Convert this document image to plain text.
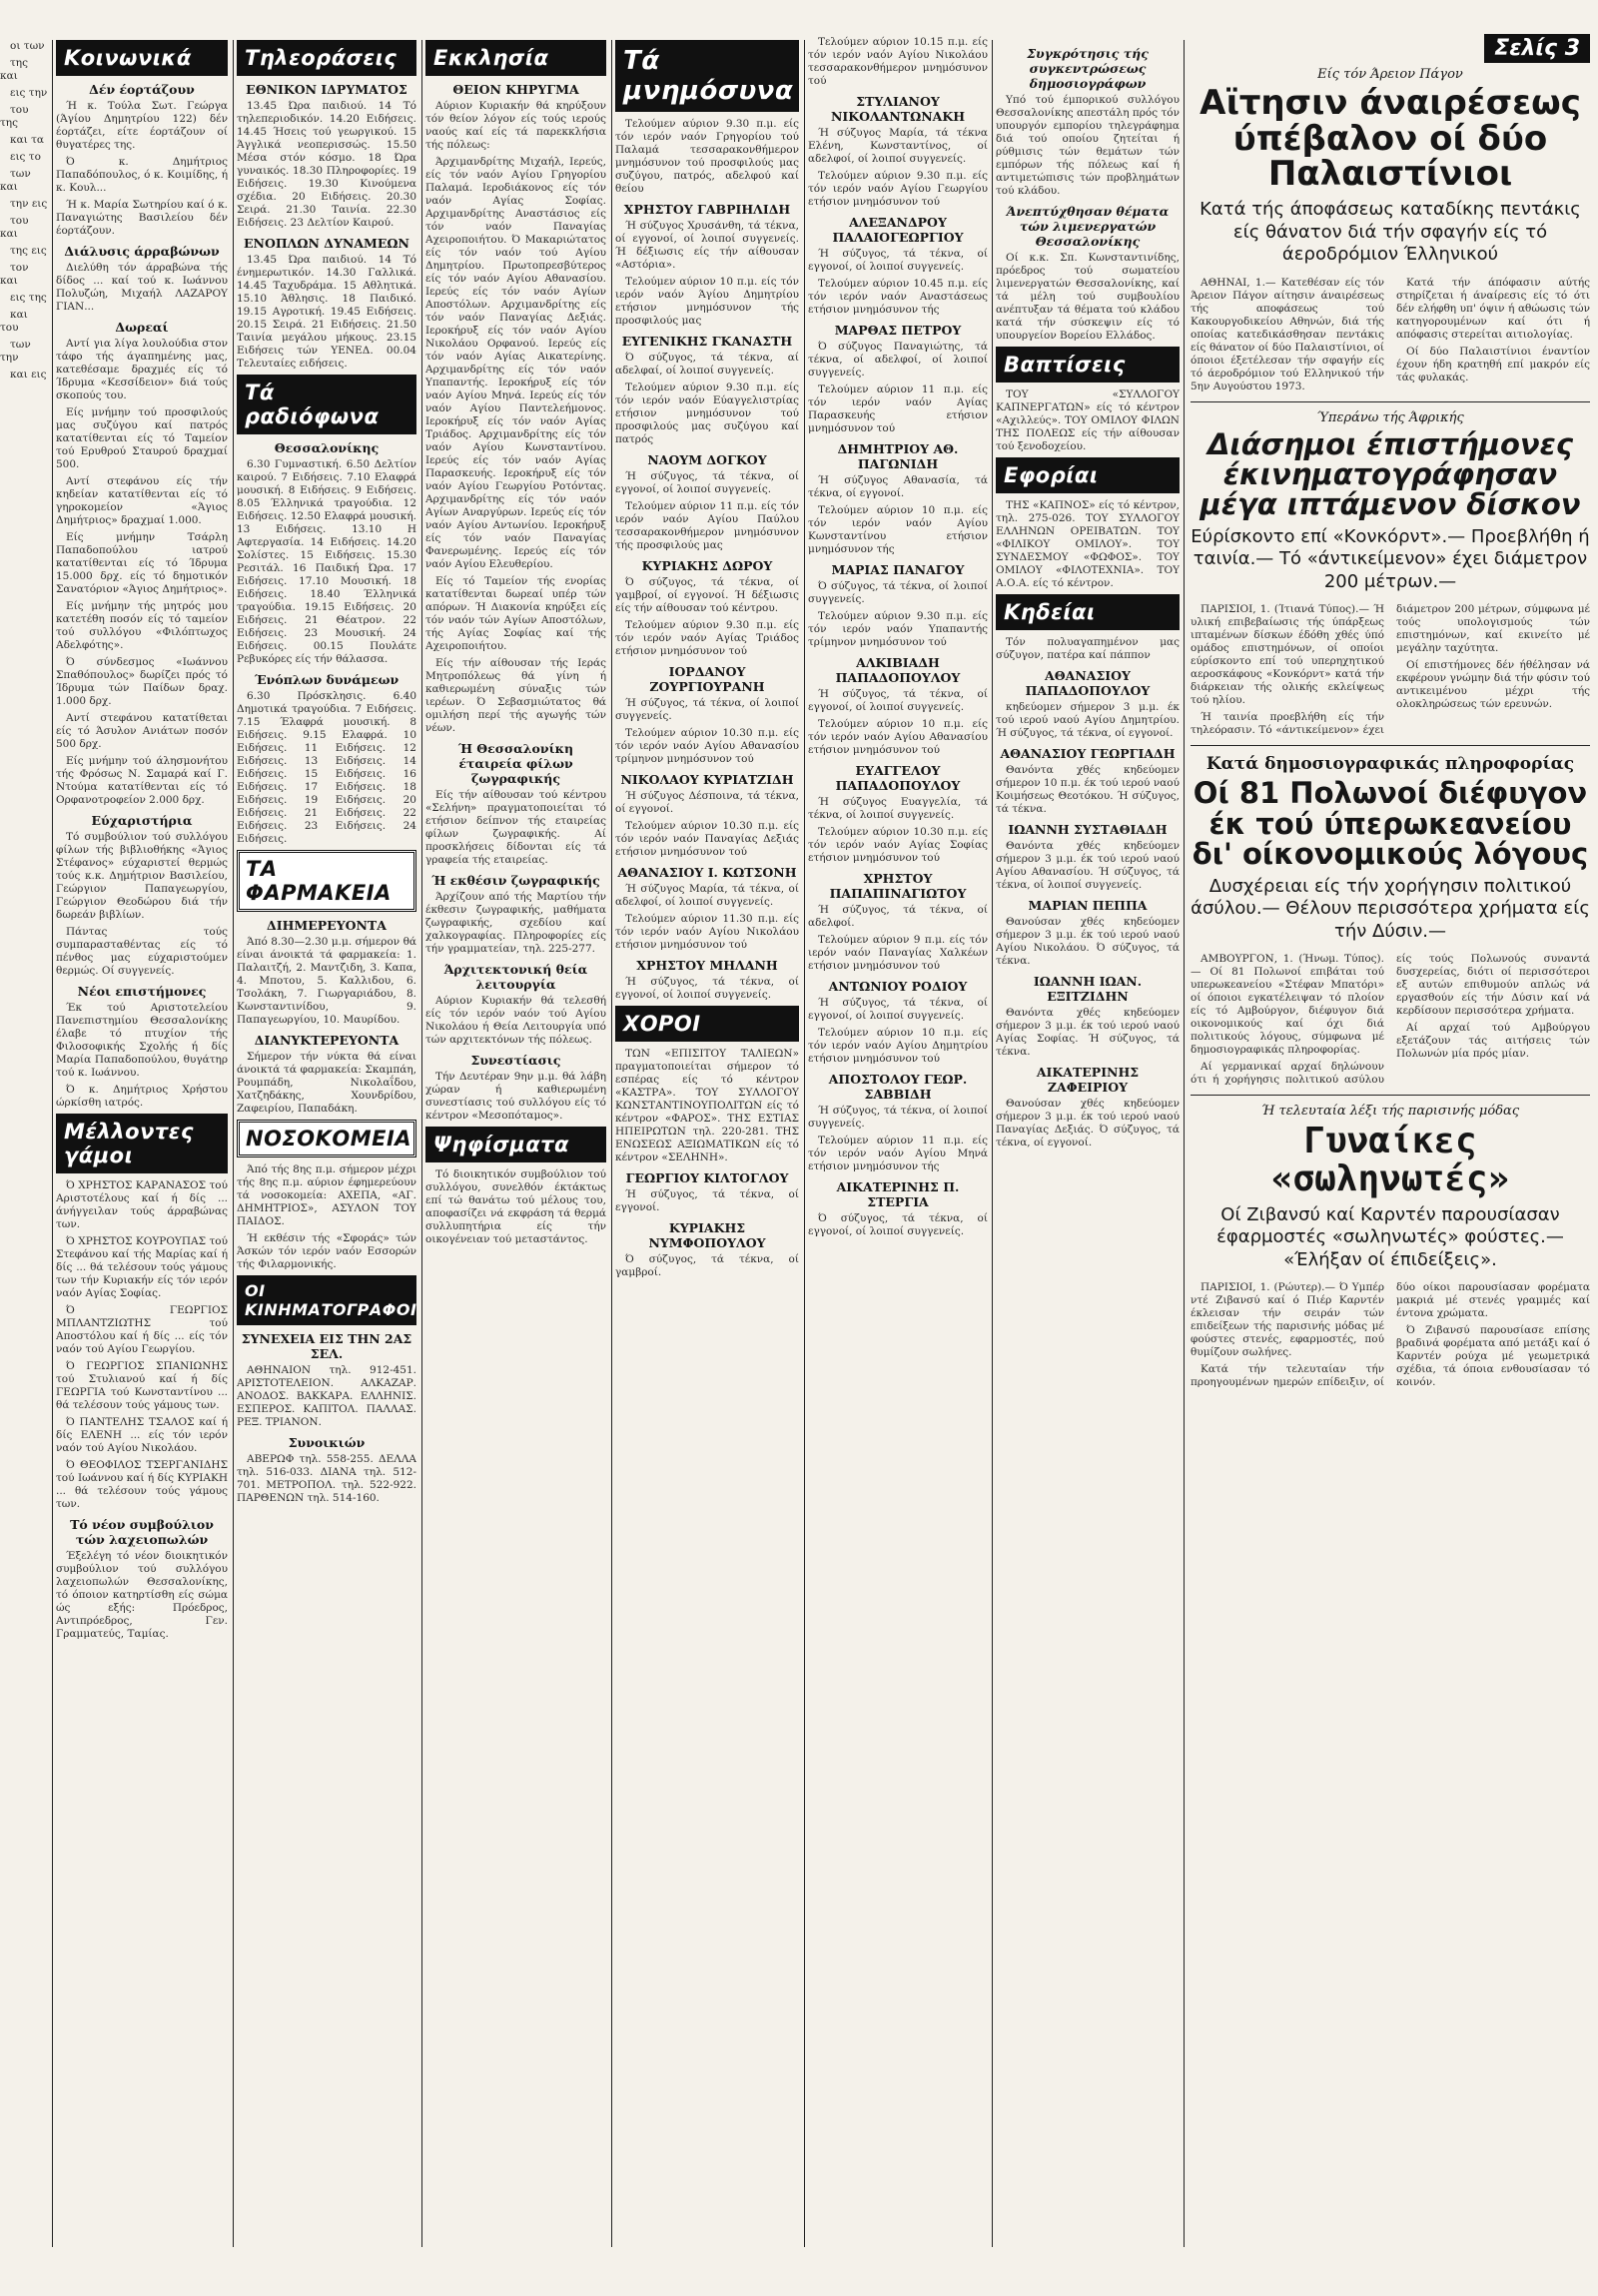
οι των

της και

εις την

του της

και τα

εις το

των και

την εις

του και

της εις

τον και

εις της

και του

των την

και εις

Κοινωνικά
Δέν έορτάζουν

Ή κ. Τούλα Σωτ. Γεώργα (Άγίου Δημητρίου 122) δέν έορτάζει, είτε έορτάζουν οί θυγατέρες της.

Ό κ. Δημήτριος Παπαδόπουλος, ό κ. Κοιμίδης, ή κ. Κουλ...

Ή κ. Μαρία Σωτηρίου καί ό κ. Παναγιώτης Βασιλείου δέν έορτάζουν.

Διάλυσις άρραβώνων

Διελύθη τόν άρραβώνα τής δίδος ... καί τού κ. Ιωάννου Πολυζώη, Μιχαήλ ΛΑΖΑΡΟΥ ΓΙΑΝ...

Δωρεαί

Αντί για λίγα λουλούδια στον τάφο τής άγαπημένης μας, κατεθέσαμε δραχμές είς τό Ίδρυμα «Κεσσίδειον» διά τούς σκοπούς του.

Είς μνήμην τού προσφιλούς μας συζύγου καί πατρός κατατίθενται είς τό Ταμείον τού Ερυθρού Σταυρού δραχμαί 500.

Αντί στεφάνου είς τήν κηδείαν κατατίθενται είς τό γηροκομείον «Άγιος Δημήτριος» δραχμαί 1.000.

Είς μνήμην Τσάρλη Παπαδοπούλου ιατρού κατατίθενται είς τό Ίδρυμα 15.000 δρχ. είς τό δημοτικόν Σανατόριον «Άγιος Δημήτριος».

Είς μνήμην τής μητρός μου κατετέθη ποσόν είς τό ταμείον τού συλλόγου «Φιλόπτωχος Αδελφότης».

Ό σύνδεσμος «Ιωάννου Σπαθόπουλος» δωρίζει πρός τό Ίδρυμα τών Παίδων δραχ. 1.000 δρχ.

Αντί στεφάνου κατατίθεται είς τό Άσυλον Ανιάτων ποσόν 500 δρχ.

Είς μνήμην τού άλησμονήτου τής Φρόσως Ν. Σαμαρά καί Γ. Ντούμα κατατίθενται είς τό Ορφανοτροφείον 2.000 δρχ.

Εύχαριστήρια

Τό συμβούλιον τού συλλόγου φίλων τής βιβλιοθήκης «Άγιος Στέφανος» εύχαριστεί θερμώς τούς κ.κ. Δημήτριον Βασιλείου, Γεώργιον Παπαγεωργίου, Γεώργιον Θεοδώρου διά τήν δωρεάν βιβλίων.

Πάντας τούς συμπαρασταθέντας είς τό πένθος μας εύχαριστούμεν θερμώς. Οί συγγενείς.

Νέοι επιστήμονες

Έκ τού Αριστοτελείου Πανεπιστημίου Θεσσαλονίκης έλαβε τό πτυχίον τής Φιλοσοφικής Σχολής ή δίς Μαρία Παπαδοπούλου, θυγάτηρ τού κ. Ιωάννου.

Ό κ. Δημήτριος Χρήστου ώρκίσθη ιατρός.

Μέλλοντες γάμοι

Ό ΧΡΗΣΤΟΣ ΚΑΡΑΝΑΣΟΣ τού Αριστοτέλους καί ή δίς ... άνήγγειλαν τούς άρραβώνας των.

Ό ΧΡΗΣΤΟΣ ΚΟΥΡΟΥΠΑΣ τού Στεφάνου καί τής Μαρίας καί ή δίς ... θά τελέσουν τούς γάμους των τήν Κυριακήν είς τόν ιερόν ναόν Αγίας Σοφίας.

Ό ΓΕΩΡΓΙΟΣ ΜΠΛΑΝΤΖΙΩΤΗΣ τού Αποστόλου καί ή δίς ... είς τόν ναόν τού Αγίου Γεωργίου.

Ό ΓΕΩΡΓΙΟΣ ΣΠΑΝΙΩΝΗΣ τού Στυλιανού καί ή δίς ΓΕΩΡΓΙΑ τού Κωνσταντίνου ... θά τελέσουν τούς γάμους των.

Ό ΠΑΝΤΕΛΗΣ ΤΣΑΛΟΣ καί ή δίς ΕΛΕΝΗ ... είς τόν ιερόν ναόν τού Αγίου Νικολάου.

Ό ΘΕΟΦΙΛΟΣ ΤΣΕΡΓΑΝΙΔΗΣ τού Ιωάννου καί ή δίς ΚΥΡΙΑΚΗ ... θά τελέσουν τούς γάμους των.

Τό νέον συμβούλιον τών λαχειοπωλών

Έξελέγη τό νέον διοικητικόν συμβούλιον τού συλλόγου λαχειοπωλών Θεσσαλονίκης, τό όποιον κατηρτίσθη είς σώμα ώς εξής: Πρόεδρος, Αντιπρόεδρος, Γεν. Γραμματεύς, Ταμίας.

Τηλεοράσεις
ΕΘΝΙΚΟΝ ΙΔΡΥΜΑΤΟΣ

13.45 Ώρα παιδιού. 14 Τό τηλεπεριοδικόν. 14.20 Ειδήσεις. 14.45 Ήσεις τού γεωργικού. 15 Άγγλικά νεοπερισσώς. 15.50 Μέσα στόν κόσμο. 18 Ώρα γυναικός. 18.30 Πληροφορίες. 19 Ειδήσεις. 19.30 Κινούμενα σχέδια. 20 Ειδήσεις. 20.30 Σειρά. 21.30 Ταινία. 22.30 Ειδήσεις. 23 Δελτίον Καιρού.

ΕΝΟΠΛΩΝ ΔΥΝΑΜΕΩΝ

13.45 Ώρα παιδιού. 14 Τό ένημερωτικόν. 14.30 Γαλλικά. 14.45 Ταχυδράμα. 15 Αθλητικά. 15.10 Άθλησις. 18 Παιδικό. 19.15 Αγροτική. 19.45 Ειδήσεις. 20.15 Σειρά. 21 Ειδήσεις. 21.50 Ταινία μεγάλου μήκους. 23.15 Ειδήσεις τών ΥΕΝΕΔ. 00.04 Τελευταίες ειδήσεις.

Τά ραδιόφωνα
Θεσσαλονίκης

6.30 Γυμναστική. 6.50 Δελτίον καιρού. 7 Ειδήσεις. 7.10 Ελαφρά μουσική. 8 Ειδήσεις. 9 Ειδήσεις. 8.05 Έλληνικά τραγούδια. 12 Ειδήσεις. 12.50 Ελαφρά μουσική. 13 Ειδήσεις. 13.10 Η Αφτεργασία. 14 Ειδήσεις. 14.20 Σολίστες. 15 Ειδήσεις. 15.30 Ρεσιτάλ. 16 Παιδική Ώρα. 17 Ειδήσεις. 17.10 Μουσική. 18 Ειδήσεις. 18.40 Έλληνικά τραγούδια. 19.15 Ειδήσεις. 20 Ειδήσεις. 21 Θέατρον. 22 Ειδήσεις. 23 Μουσική. 24 Ειδήσεις. 00.15 Πουλάτε Ρεβυκόρες είς τήν θάλασσα.

Ένόπλων δυνάμεων

6.30 Πρόσκλησις. 6.40 Δημοτικά τραγούδια. 7 Ειδήσεις. 7.15 Έλαφρά μουσική. 8 Ειδήσεις. 9.15 Ελαφρά. 10 Ειδήσεις. 11 Ειδήσεις. 12 Ειδήσεις. 13 Ειδήσεις. 14 Ειδήσεις. 15 Ειδήσεις. 16 Ειδήσεις. 17 Ειδήσεις. 18 Ειδήσεις. 19 Ειδήσεις. 20 Ειδήσεις. 21 Ειδήσεις. 22 Ειδήσεις. 23 Ειδήσεις. 24 Ειδήσεις.

ΤΑ ΦΑΡΜΑΚΕΙΑ
ΔΙΗΜΕΡΕΥΟΝΤΑ

Άπό 8.30—2.30 μ.μ. σήμερον θά είναι άνοικτά τά φαρμακεία: 1. Παλαιτζή, 2. Μαντζιδη, 3. Καπα, 4. Μποτου, 5. Καλλιδου, 6. Τσολάκη, 7. Γιωργαριάδου, 8. Κωνσταντινίδου, 9. Παπαγεωργίου, 10. Μαυρίδου.

ΔΙΑΝΥΚΤΕΡΕΥΟΝΤΑ

Σήμερον τήν νύκτα θά είναι άνοικτά τά φαρμακεία: Σκαμπάη, Ρουμπάδη, Νικολαΐδου, Χατζηδάκης, Χουνδρίδου, Ζαφειρίου, Παπαδάκη.

ΝΟΣΟΚΟΜΕΙΑ

Άπό τής 8ης π.μ. σήμερον μέχρι τής 8ης π.μ. αύριον έφημερεύουν τά νοσοκομεία: ΑΧΕΠΑ, «ΑΓ. ΔΗΜΗΤΡΙΟΣ», ΑΣΥΛΟΝ ΤΟΥ ΠΑΙΔΟΣ.

Ή εκθέσιν τής «Σφοράς» τών Άσκών τόν ιερόν ναόν Εσσορών τής Φιλαρμονικής.

ΟΙ ΚΙΝΗΜΑΤΟΓΡΑΦΟΙ
ΣΥΝΕΧΕΙΑ ΕΙΣ ΤΗΝ 2ΑΣ ΣΕΛ.

ΑΘΗΝΑΙΟΝ τηλ. 912-451. ΑΡΙΣΤΟΤΕΛΕΙΟΝ. ΑΛΚΑΖΑΡ. ΑΝΟΔΟΣ. ΒΑΚΚΑΡΑ. ΕΛΛΗΝΙΣ. ΕΣΠΕΡΟΣ. ΚΑΠΙΤΟΛ. ΠΑΛΛΑΣ. ΡΕΞ. ΤΡΙΑΝΟΝ.

Συνοικιών

ΑΒΕΡΩΦ τηλ. 558-255. ΔΕΛΛΑ τηλ. 516-033. ΔΙΑΝΑ τηλ. 512-701. ΜΕΤΡΟΠΟΛ. τηλ. 522-922. ΠΑΡΘΕΝΩΝ τηλ. 514-160.

Εκκλησία
ΘΕΙΟΝ ΚΗΡΥΓΜΑ

Αύριον Κυριακήν θά κηρύξουν τόν θείον λόγον είς τούς ιερούς ναούς καί είς τά παρεκκλήσια τής πόλεως:

Άρχιμανδρίτης Μιχαήλ, Ιερεύς, είς τόν ναόν Αγίου Γρηγορίου Παλαμά. Ιεροδιάκονος είς τόν ναόν Αγίας Σοφίας. Αρχιμανδρίτης Αναστάσιος είς τόν ναόν Παναγίας Αχειροποιήτου. Ό Μακαριώτατος είς τόν ναόν τού Αγίου Δημητρίου. Πρωτοπρεσβύτερος είς τόν ναόν Αγίου Αθανασίου. Ιερεύς είς τόν ναόν Αγίων Αποστόλων. Αρχιμανδρίτης είς τόν ναόν Παναγίας Δεξιάς. Ιεροκήρυξ είς τόν ναόν Αγίου Νικολάου Ορφανού. Ιερεύς είς τόν ναόν Αγίας Αικατερίνης. Αρχιμανδρίτης είς τόν ναόν Υπαπαντής. Ιεροκήρυξ είς τόν ναόν Αγίου Μηνά. Ιερεύς είς τόν ναόν Αγίου Παντελεήμονος. Ιεροκήρυξ είς τόν ναόν Αγίας Τριάδος. Αρχιμανδρίτης είς τόν ναόν Αγίου Κωνσταντίνου. Ιερεύς είς τόν ναόν Αγίας Παρασκευής. Ιεροκήρυξ είς τόν ναόν Αγίου Γεωργίου Ροτόντας. Αρχιμανδρίτης είς τόν ναόν Αγίων Αναργύρων. Ιερεύς είς τόν ναόν Αγίου Αντωνίου. Ιεροκήρυξ είς τόν ναόν Παναγίας Φανερωμένης. Ιερεύς είς τόν ναόν Αγίου Ελευθερίου.

Είς τό Ταμείον τής ενορίας κατατίθενται δωρεαί υπέρ τών απόρων. Ή Διακονία κηρύξει είς τόν ναόν τών Αγίων Αποστόλων, τής Αγίας Σοφίας καί τής Αχειροποιήτου.

Είς τήν αίθουσαν τής Ιεράς Μητροπόλεως θά γίνη ή καθιερωμένη σύναξις τών ιερέων. Ό Σεβασμιώτατος θά ομιλήση περί τής αγωγής τών νέων.

Ή Θεσσαλονίκη έταιρεία φίλων ζωγραφικής

Είς τήν αίθουσαν τού κέντρου «Σελήνη» πραγματοποιείται τό ετήσιον δείπνον τής εταιρείας φίλων ζωγραφικής. Αί προσκλήσεις δίδονται είς τά γραφεία τής εταιρείας.

Ή εκθέσιν ζωγραφικής

Άρχίζουν από τής Μαρτίου τήν έκθεσιν ζωγραφικής, μαθήματα ζωγραφικής, σχεδίου καί χαλκογραφίας. Πληροφορίες είς τήν γραμματείαν, τηλ. 225-277.

Άρχιτεκτονική θεία λειτουργία

Αύριον Κυριακήν θά τελεσθή είς τόν ιερόν ναόν τού Αγίου Νικολάου ή Θεία Λειτουργία υπό τών αρχιτεκτόνων τής πόλεως.

Συνεστίασις

Τήν Δευτέραν 9ην μ.μ. θά λάβη χώραν ή καθιερωμένη συνεστίασις τού συλλόγου είς τό κέντρον «Μεσοπόταμος».

Ψηφίσματα

Τό διοικητικόν συμβούλιον τού συλλόγου, συνελθόν έκτάκτως επί τώ θανάτω τού μέλους του, αποφασίζει νά εκφράση τά θερμά συλλυπητήρια είς τήν οικογένειαν τού μεταστάντος.

Τά μνημόσυνα

Τελούμεν αύριον 9.30 π.μ. είς τόν ιερόν ναόν Γρηγορίου τού Παλαμά τεσσαρακονθήμερον μνημόσυνον τού προσφιλούς μας συζύγου, πατρός, αδελφού καί θείου

ΧΡΗΣΤΟΥ ΓΑΒΡΙΗΛΙΔΗ

Ή σύζυγος Χρυσάνθη, τά τέκνα, οί εγγονοί, οί λοιποί συγγενείς. Ή δέξιωσις είς τήν αίθουσαν «Αστόρια».

Τελούμεν αύριον 10 π.μ. είς τόν ιερόν ναόν Άγίου Δημητρίου ετήσιον μνημόσυνον τής προσφιλούς μας

ΕΥΓΕΝΙΚΗΣ ΓΚΑΝΑΣΤΗ

Ό σύζυγος, τά τέκνα, αί αδελφαί, οί λοιποί συγγενείς.

Τελούμεν αύριον 9.30 π.μ. είς τόν ιερόν ναόν Εύαγγελιστρίας ετήσιον μνημόσυνον τού προσφιλούς μας συζύγου καί πατρός

ΝΑΟΥΜ ΔΟΓΚΟΥ

Ή σύζυγος, τά τέκνα, οί εγγονοί, οί λοιποί συγγενείς.

Τελούμεν αύριον 11 π.μ. είς τόν ιερόν ναόν Αγίου Παύλου τεσσαρακονθήμερον μνημόσυνον τής προσφιλούς μας

ΚΥΡΙΑΚΗΣ ΔΩΡΟΥ

Ό σύζυγος, τά τέκνα, οί γαμβροί, οί εγγονοί. Ή δέξιωσις είς τήν αίθουσαν τού κέντρου.

Τελούμεν αύριον 9.30 π.μ. είς τόν ιερόν ναόν Αγίας Τριάδος ετήσιον μνημόσυνον τού

ΙΟΡΔΑΝΟΥ ΖΟΥΡΓΙΟΥΡΑΝΗ

Ή σύζυγος, τά τέκνα, οί λοιποί συγγενείς.

Τελούμεν αύριον 10.30 π.μ. είς τόν ιερόν ναόν Αγίου Αθανασίου τρίμηνον μνημόσυνον τού

ΝΙΚΟΛΑΟΥ ΚΥΡΙΑΤΖΙΔΗ

Ή σύζυγος Δέσποινα, τά τέκνα, οί εγγονοί.

Τελούμεν αύριον 10.30 π.μ. είς τόν ιερόν ναόν Παναγίας Δεξιάς ετήσιον μνημόσυνον τού

ΑΘΑΝΑΣΙΟΥ Ι. ΚΩΤΣΟΝΗ

Ή σύζυγος Μαρία, τά τέκνα, οί αδελφοί, οί λοιποί συγγενείς.

Τελούμεν αύριον 11.30 π.μ. είς τόν ιερόν ναόν Αγίου Νικολάου ετήσιον μνημόσυνον τού

ΧΡΗΣΤΟΥ ΜΗΛΑΝΗ

Ή σύζυγος, τά τέκνα, οί εγγονοί, οί λοιποί συγγενείς.

ΧΟΡΟΙ

ΤΩΝ «ΕΠΙΣΙΤΟΥ ΤΑΛΙΕΩΝ» πραγματοποιείται σήμερον τό εσπέρας είς τό κέντρον «ΚΑΣΤΡΑ». ΤΟΥ ΣΥΛΛΟΓΟΥ ΚΩΝΣΤΑΝΤΙΝΟΥΠΟΛΙΤΩΝ είς τό κέντρον «ΦΑΡΟΣ». ΤΗΣ ΕΣΤΙΑΣ ΗΠΕΙΡΩΤΩΝ τηλ. 220-281. ΤΗΣ ΕΝΩΣΕΩΣ ΑΞΙΩΜΑΤΙΚΩΝ είς τό κέντρον «ΣΕΛΗΝΗ».

ΓΕΩΡΓΙΟΥ ΚΙΛΤΟΓΛΟΥ

Ή σύζυγος, τά τέκνα, οί εγγονοί.

ΚΥΡΙΑΚΗΣ ΝΥΜΦΟΠΟΥΛΟΥ

Ό σύζυγος, τά τέκνα, οί γαμβροί.

Τελούμεν αύριον 10.15 π.μ. είς τόν ιερόν ναόν Αγίου Νικολάου τεσσαρακονθήμερον μνημόσυνον τού

ΣΤΥΛΙΑΝΟΥ ΝΙΚΟΛΑΝΤΩΝΑΚΗ

Ή σύζυγος Μαρία, τά τέκνα Ελένη, Κωνσταντίνος, οί αδελφοί, οί λοιποί συγγενείς.

Τελούμεν αύριον 9.30 π.μ. είς τόν ιερόν ναόν Αγίου Γεωργίου ετήσιον μνημόσυνον τού

ΑΛΕΞΑΝΔΡΟΥ ΠΑΛΑΙΟΓΕΩΡΓΙΟΥ

Ή σύζυγος, τά τέκνα, οί εγγονοί, οί λοιποί συγγενείς.

Τελούμεν αύριον 10.45 π.μ. είς τόν ιερόν ναόν Αναστάσεως ετήσιον μνημόσυνον τής

ΜΑΡΘΑΣ ΠΕΤΡΟΥ

Ό σύζυγος Παναγιώτης, τά τέκνα, οί αδελφοί, οί λοιποί συγγενείς.

Τελούμεν αύριον 11 π.μ. είς τόν ιερόν ναόν Αγίας Παρασκευής ετήσιον μνημόσυνον τού

ΔΗΜΗΤΡΙΟΥ ΑΘ. ΠΑΓΩΝΙΔΗ

Ή σύζυγος Αθανασία, τά τέκνα, οί εγγονοί.

Τελούμεν αύριον 10 π.μ. είς τόν ιερόν ναόν Αγίου Κωνσταντίνου ετήσιον μνημόσυνον τής

ΜΑΡΙΑΣ ΠΑΝΑΓΟΥ

Ό σύζυγος, τά τέκνα, οί λοιποί συγγενείς.

Τελούμεν αύριον 9.30 π.μ. είς τόν ιερόν ναόν Υπαπαντής τρίμηνον μνημόσυνον τού

ΑΛΚΙΒΙΑΔΗ ΠΑΠΑΔΟΠΟΥΛΟΥ

Ή σύζυγος, τά τέκνα, οί εγγονοί, οί λοιποί συγγενείς.

Τελούμεν αύριον 10 π.μ. είς τόν ιερόν ναόν Αγίου Αθανασίου ετήσιον μνημόσυνον τού

ΕΥΑΓΓΕΛΟΥ ΠΑΠΑΔΟΠΟΥΛΟΥ

Ή σύζυγος Ευαγγελία, τά τέκνα, οί λοιποί συγγενείς.

Τελούμεν αύριον 10.30 π.μ. είς τόν ιερόν ναόν Αγίας Σοφίας ετήσιον μνημόσυνον τού

ΧΡΗΣΤΟΥ ΠΑΠΑΠΙΝΑΓΙΩΤΟΥ

Ή σύζυγος, τά τέκνα, οί αδελφοί.

Τελούμεν αύριον 9 π.μ. είς τόν ιερόν ναόν Παναγίας Χαλκέων ετήσιον μνημόσυνον τού

ΑΝΤΩΝΙΟΥ ΡΟΔΙΟΥ

Ή σύζυγος, τά τέκνα, οί εγγονοί, οί λοιποί συγγενείς.

Τελούμεν αύριον 10 π.μ. είς τόν ιερόν ναόν Αγίου Δημητρίου ετήσιον μνημόσυνον τού

ΑΠΟΣΤΟΛΟΥ ΓΕΩΡ. ΣΑΒΒΙΔΗ

Ή σύζυγος, τά τέκνα, οί λοιποί συγγενείς.

Τελούμεν αύριον 11 π.μ. είς τόν ιερόν ναόν Αγίου Μηνά ετήσιον μνημόσυνον τής

ΑΙΚΑΤΕΡΙΝΗΣ Π. ΣΤΕΡΓΙΑ

Ό σύζυγος, τά τέκνα, οί εγγονοί, οί λοιποί συγγενείς.

Συγκρότησις τής συγκεντρώσεως δημοσιογράφων

Υπό τού έμπορικού συλλόγου Θεσσαλονίκης απεστάλη πρός τόν υπουργόν εμπορίου τηλεγράφημα διά τού οποίου ζητείται ή ρύθμισις τών θεμάτων τών εμπόρων τής πόλεως καί ή αντιμετώπισις τών προβλημάτων τού κλάδου.

Άνεπτύχθησαν θέματα τών λιμενεργατών Θεσσαλονίκης

Οί κ.κ. Σπ. Κωνσταντινίδης, πρόεδρος τού σωματείου λιμενεργατών Θεσσαλονίκης, καί τά μέλη τού συμβουλίου ανέπτυξαν τά θέματα τού κλάδου κατά τήν σύσκεψιν είς τό υπουργείον Βορείου Ελλάδος.

Βαπτίσεις

ΤΟΥ «ΣΥΛΛΟΓΟΥ ΚΑΠΝΕΡΓΑΤΩΝ» είς τό κέντρον «Αχιλλεύς». ΤΟΥ ΟΜΙΛΟΥ ΦΙΛΩΝ ΤΗΣ ΠΟΛΕΩΣ είς τήν αίθουσαν τού ξενοδοχείου.

Εφορίαι

ΤΗΣ «ΚΑΠΝΟΣ» είς τό κέντρον, τηλ. 275-026. ΤΟΥ ΣΥΛΛΟΓΟΥ ΕΛΛΗΝΩΝ ΟΡΕΙΒΑΤΩΝ. ΤΟΥ «ΦΙΛΙΚΟΥ ΟΜΙΛΟΥ». ΤΟΥ ΣΥΝΔΕΣΜΟΥ «ΦΩΦΟΣ». ΤΟΥ ΟΜΙΛΟΥ «ΦΙΛΟΤΕΧΝΙΑ». ΤΟΥ Α.Ο.Α. είς τό κέντρον.

Κηδείαι

Τόν πολυαγαπημένον μας σύζυγον, πατέρα καί πάππον

ΑΘΑΝΑΣΙΟΥ ΠΑΠΑΔΟΠΟΥΛΟΥ

κηδεύομεν σήμερον 3 μ.μ. έκ τού ιερού ναού Αγίου Δημητρίου. Ή σύζυγος, τά τέκνα, οί εγγονοί.

ΑΘΑΝΑΣΙΟΥ ΓΕΩΡΓΙΑΔΗ

Θανόντα χθές κηδεύομεν σήμερον 10 π.μ. έκ τού ιερού ναού Κοιμήσεως Θεοτόκου. Ή σύζυγος, τά τέκνα.

ΙΩΑΝΝΗ ΣΥΣΤΑΘΙΑΔΗ

Θανόντα χθές κηδεύομεν σήμερον 3 μ.μ. έκ τού ιερού ναού Αγίου Αθανασίου. Ή σύζυγος, τά τέκνα, οί λοιποί συγγενείς.

ΜΑΡΙΑΝ ΠΕΠΠΑ

Θανούσαν χθές κηδεύομεν σήμερον 3 μ.μ. έκ τού ιερού ναού Αγίου Νικολάου. Ό σύζυγος, τά τέκνα.

ΙΩΑΝΝΗ ΙΩΑΝ. ΕΞΙΤΖΙΔΗΝ

Θανόντα χθές κηδεύομεν σήμερον 3 μ.μ. έκ τού ιερού ναού Αγίας Σοφίας. Ή σύζυγος, τά τέκνα.

ΑΙΚΑΤΕΡΙΝΗΣ ΖΑΦΕΙΡΙΟΥ

Θανούσαν χθές κηδεύομεν σήμερον 3 μ.μ. έκ τού ιερού ναού Παναγίας Δεξιάς. Ό σύζυγος, τά τέκνα, οί εγγονοί.

Σελίς 3
Είς τόν Άρειον Πάγον
Αϊτησιν άναιρέσεως ύπέβαλον οί δύο Παλαιστίνιοι
Κατά τής άποφάσεως καταδίκης πεντάκις είς θάνατον διά τήν σφαγήν είς τό άεροδρόμιον Έλληνικού

ΑΘΗΝΑΙ, 1.— Κατεθέσαν είς τόν Άρειον Πάγον αίτησιν άναιρέσεως τής αποφάσεως τού Κακουργοδικείου Αθηνών, διά τής οποίας κατεδικάσθησαν πεντάκις είς θάνατον οί δύο Παλαιστίνιοι, οί όποιοι έξετέλεσαν τήν σφαγήν είς τό άεροδρόμιον τού Ελληνικού τήν 5ην Αυγούστου 1973.

Κατά τήν άπόφασιν αύτής στηρίζεται ή άναίρεσις είς τό ότι δέν ελήφθη υπ' όψιν ή αθώωσις τών κατηγορουμένων καί ότι ή απόφασις στερείται αιτιολογίας.

Οί δύο Παλαιστίνιοι έναντίον έχουν ήδη κρατηθή επί μακρόν είς τάς φυλακάς.

Ύπεράνω τής Άφρικής
Διάσημοι έπιστήμονες έκινηματογράφησαν μέγα ιπτάμενον δίσκον
Εύρίσκοντο επί «Κονκόρντ».— Προεβλήθη ή ταινία.— Τό «άντικείμενον» έχει διάμετρον 200 μέτρων.—

ΠΑΡΙΣΙΟΙ, 1. (Ίτιανά Τύπος).— Ή υλική επιβεβαίωσις τής ύπάρξεως ιπταμένων δίσκων έδόθη χθές ύπό ομάδος επιστημόνων, οί οποίοι εύρίσκοντο επί τού υπερηχητικού αεροσκάφους «Κονκόρντ» κατά τήν διάρκειαν τής ολικής εκλείψεως τού ηλίου.

Ή ταινία προεβλήθη είς τήν τηλεόρασιν. Τό «άντικείμενον» έχει διάμετρον 200 μέτρων, σύμφωνα μέ τούς υπολογισμούς τών επιστημόνων, καί εκινείτο μέ μεγάλην ταχύτητα.

Οί επιστήμονες δέν ήθέλησαν νά εκφέρουν γνώμην διά τήν φύσιν τού αντικειμένου μέχρι τής ολοκληρώσεως τών ερευνών.

Κατά δημοσιογραφικάς πληροφορίας
Οί 81 Πολωνοί διέφυγον έκ τού ύπερωκεανείου δι' οίκονομικούς λόγους
Δυσχέρειαι είς τήν χορήγησιν πολιτικού άσύλου.— Θέλουν περισσότερα χρήματα είς τήν Δύσιν.—

ΑΜΒΟΥΡΓΟΝ, 1. (Ήνωμ. Τύπος).— Οί 81 Πολωνοί επιβάται τού υπερωκεανείου «Στέφαν Μπατόρι» οί όποιοι εγκατέλειψαν τό πλοίον είς τό Αμβούργον, διέφυγον διά οικονομικούς καί όχι διά πολιτικούς λόγους, σύμφωνα μέ δημοσιογραφικάς πληροφορίας.

Αί γερμανικαί αρχαί δηλώνουν ότι ή χορήγησις πολιτικού ασύλου είς τούς Πολωνούς συναντά δυσχερείας, διότι οί περισσότεροι εξ αυτών επιθυμούν απλώς νά εργασθούν είς τήν Δύσιν καί νά κερδίσουν περισσότερα χρήματα.

Αί αρχαί τού Αμβούργου εξετάζουν τάς αιτήσεις τών Πολωνών μία πρός μίαν.

Ή τελευταία λέξι τής παρισινής μόδας
Γυναίκες «σωληνωτές»
Οί Ζιβανσύ καί Καρντέν παρουσίασαν έφαρμοστές «σωληνωτές» φούστες.— «Έλήξαν οί έπιδείξεις».

ΠΑΡΙΣΙΟΙ, 1. (Ρώυτερ).— Ό Υμπέρ ντέ Ζιβανσύ καί ό Πιέρ Καρντέν έκλεισαν τήν σειράν τών επιδείξεων τής παρισινής μόδας μέ φούστες στενές, εφαρμοστές, πού θυμίζουν σωλήνες.

Κατά τήν τελευταίαν τήν προηγουμένων ημερών επίδειξιν, οί δύο οίκοι παρουσίασαν φορέματα μακριά μέ στενές γραμμές καί έντονα χρώματα.

Ό Ζιβανσύ παρουσίασε επίσης βραδινά φορέματα από μετάξι καί ό Καρντέν ρούχα μέ γεωμετρικά σχέδια, τά όποια ενθουσίασαν τό κοινόν.
